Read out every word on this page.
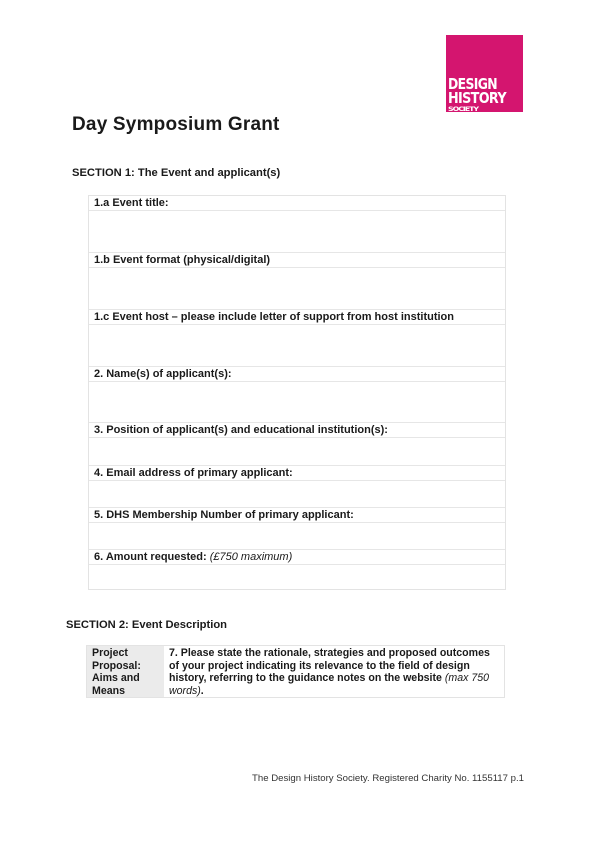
DESIGN
HISTORY
SOCIETY
Day Symposium Grant

SECTION 1: The Event and applicant(s)

1.a Event title:
1.b Event format (physical/digital)
1.c Event host – please include letter of support from host institution
2. Name(s) of applicant(s):
3. Position of applicant(s) and educational institution(s):
4. Email address of primary applicant:
5. DHS Membership Number of primary applicant:
6. Amount requested: (£750 maximum)

SECTION 2: Event Description

Project Proposal: Aims and Means
7. Please state the rationale, strategies and proposed outcomes of your project indicating its relevance to the field of design history, referring to the guidance notes on the website (max 750 words).
The Design History Society. Registered Charity No. 1155117 p.1
